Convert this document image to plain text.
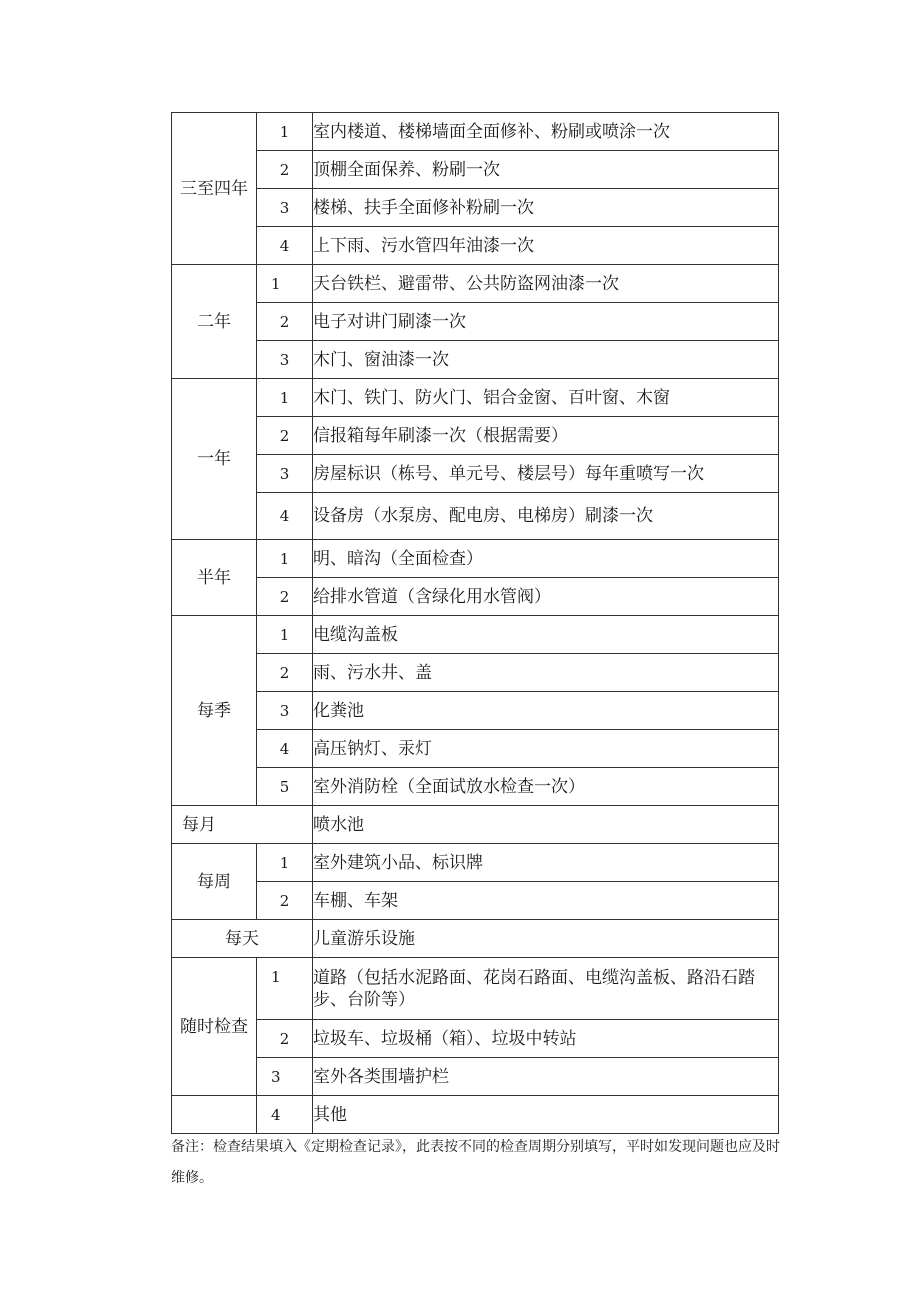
三至四年	1	室内楼道、楼梯墙面全面修补、粉刷或喷涂一次
	2	顶棚全面保养、粉刷一次
	3	楼梯、扶手全面修补粉刷一次
	4	上下雨、污水管四年油漆一次
二年	1	天台铁栏、避雷带、公共防盗网油漆一次
	2	电子对讲门刷漆一次
	3	木门、窗油漆一次
一年	1	木门、铁门、防火门、铝合金窗、百叶窗、木窗
	2	信报箱每年刷漆一次（根据需要）
	3	房屋标识（栋号、单元号、楼层号）每年重喷写一次
	4	设备房（水泵房、配电房、电梯房）刷漆一次
半年	1	明、暗沟（全面检查）
	2	给排水管道（含绿化用水管阀）
每季	1	电缆沟盖板
	2	雨、污水井、盖
	3	化粪池
	4	高压钠灯、汞灯
	5	室外消防栓（全面试放水检查一次）
每月		喷水池
每周	1	室外建筑小品、标识牌
	2	车棚、车架
每天		儿童游乐设施
随时检查	1	道路（包括水泥路面、花岗石路面、电缆沟盖板、路沿石踏步、台阶等）
	2	垃圾车、垃圾桶（箱）、垃圾中转站
	3	室外各类围墙护栏
	4	其他
备注：检查结果填入《定期检查记录》，此表按不同的检查周期分别填写，平时如发现问题也应及时维修。
